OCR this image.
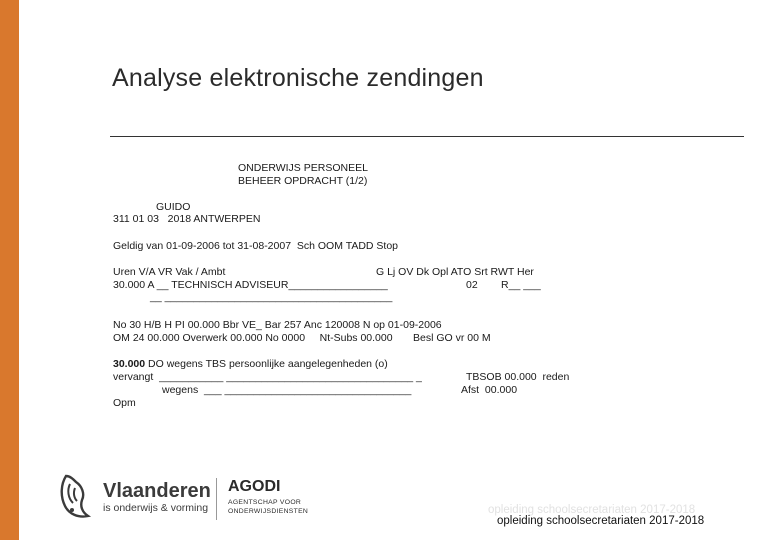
Analyse elektronische zendingen
ONDERWIJS PERSONEEL
BEHEER OPDRACHT (1/2)
GUIDO
311 01 03   2018 ANTWERPEN
Geldig van 01-09-2006 tot 31-08-2007  Sch OOM TADD Stop
Uren V/A VR Vak / Ambt	G Lj OV Dk Opl ATO Srt RWT Her
30.000 A __ TECHNISCH ADVISEUR_________________	02        R__ ___
__ _______________________________________
No 30 H/B H PI 00.000 Bbr VE_ Bar 257 Anc 120008 N op 01-09-2006
OM 24 00.000 Overwerk 00.000 No 0000     Nt-Subs 00.000       Besl GO vr 00 M
30.000 DO wegens TBS persoonlijke aangelegenheden (o)
vervangt  ___________ ________________________________ _	TBSOB 00.000  reden
wegens  ___ ________________________________	Afst  00.000
Opm
Vlaanderen
is onderwijs & vorming
AGODI
AGENTSCHAP VOOR
ONDERWIJSDIENSTEN	opleiding schoolsecretariaten 2017-2018
opleiding schoolsecretariaten 2017-2018
